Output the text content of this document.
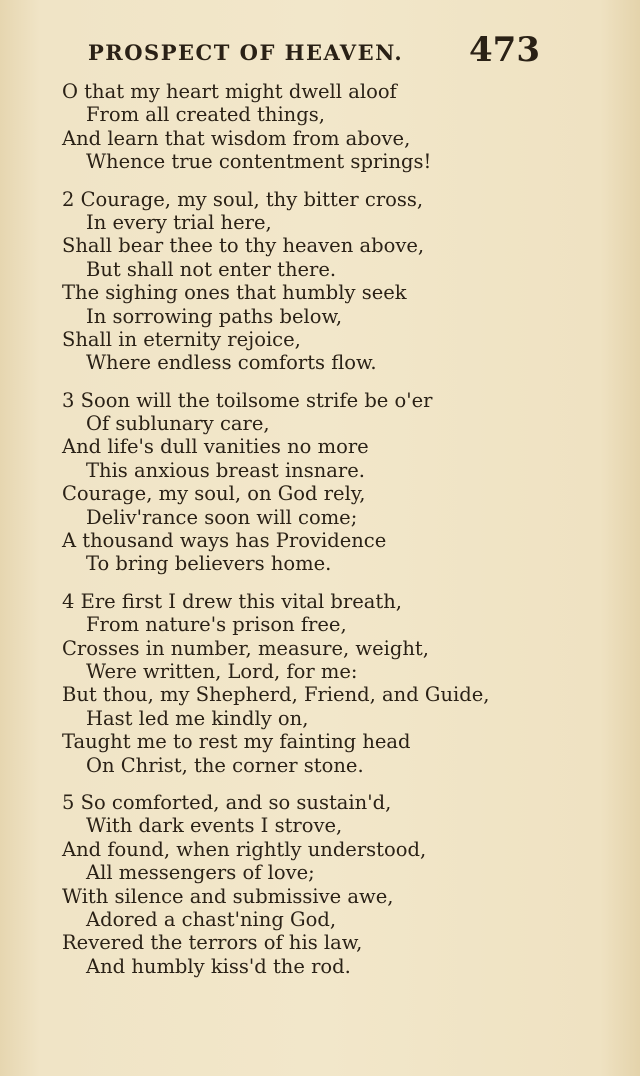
PROSPECT OF HEAVEN. 473
O that my heart might dwell aloof
From all created things,
And learn that wisdom from above,
Whence true contentment springs!
2 Courage, my soul, thy bitter cross,
In every trial here,
Shall bear thee to thy heaven above,
But shall not enter there.
The sighing ones that humbly seek
In sorrowing paths below,
Shall in eternity rejoice,
Where endless comforts flow.
3 Soon will the toilsome strife be o'er
Of sublunary care,
And life's dull vanities no more
This anxious breast insnare.
Courage, my soul, on God rely,
Deliv'rance soon will come;
A thousand ways has Providence
To bring believers home.
4 Ere first I drew this vital breath,
From nature's prison free,
Crosses in number, measure, weight,
Were written, Lord, for me:
But thou, my Shepherd, Friend, and Guide,
Hast led me kindly on,
Taught me to rest my fainting head
On Christ, the corner stone.
5 So comforted, and so sustain'd,
With dark events I strove,
And found, when rightly understood,
All messengers of love;
With silence and submissive awe,
Adored a chast'ning God,
Revered the terrors of his law,
And humbly kiss'd the rod.
